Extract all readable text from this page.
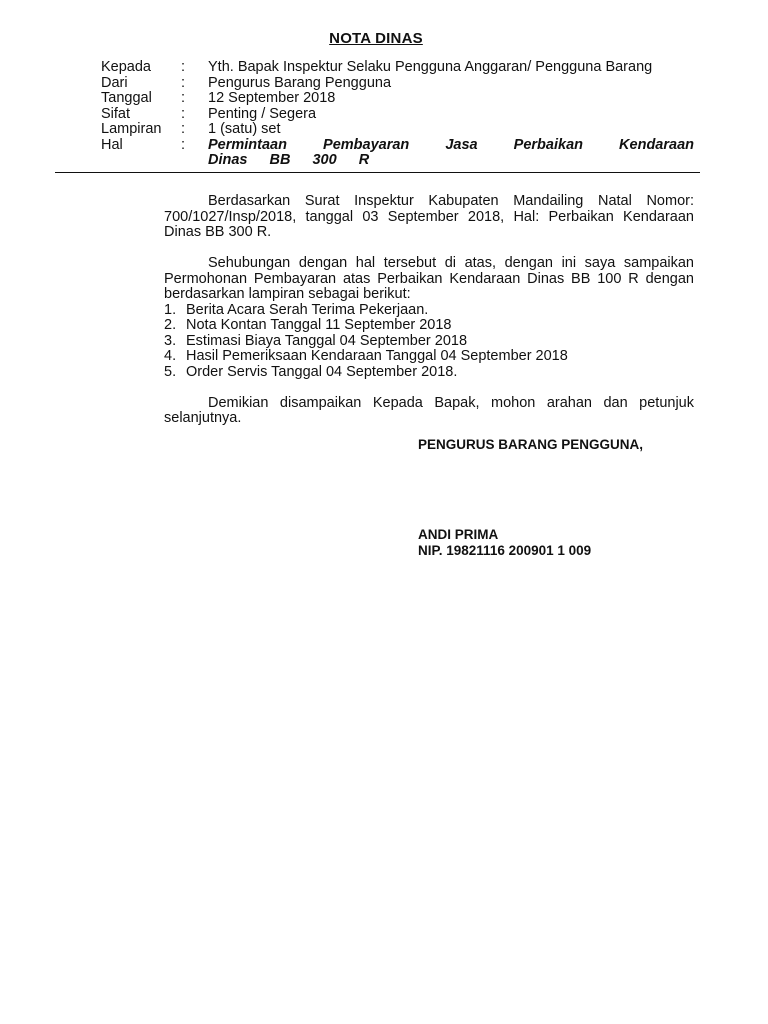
NOTA DINAS
Kepada	:	Yth. Bapak Inspektur Selaku Pengguna Anggaran/ Pengguna Barang
Dari	:	Pengurus Barang Pengguna
Tanggal	:	12 September 2018
Sifat	:	Penting / Segera
Lampiran	:	1 (satu) set
Hal	:	Permintaan Pembayaran Jasa Perbaikan Kendaraan Dinas BB 300 R

Berdasarkan Surat Inspektur Kabupaten Mandailing Natal Nomor: 700/1027/Insp/2018, tanggal 03 September 2018, Hal: Perbaikan Kendaraan Dinas BB 300 R.

Sehubungan dengan hal tersebut di atas, dengan ini saya sampaikan Permohonan Pembayaran atas Perbaikan Kendaraan Dinas BB 100 R dengan berdasarkan lampiran sebagai berikut:

1. Berita Acara Serah Terima Pekerjaan.
2. Nota Kontan Tanggal 11 September 2018
3. Estimasi Biaya Tanggal 04 September 2018
4. Hasil Pemeriksaan Kendaraan Tanggal 04 September 2018
5. Order Servis Tanggal 04 September 2018.

Demikian disampaikan Kepada Bapak, mohon arahan dan petunjuk selanjutnya.

PENGURUS BARANG PENGGUNA,
ANDI PRIMA
NIP. 19821116 200901 1 009
